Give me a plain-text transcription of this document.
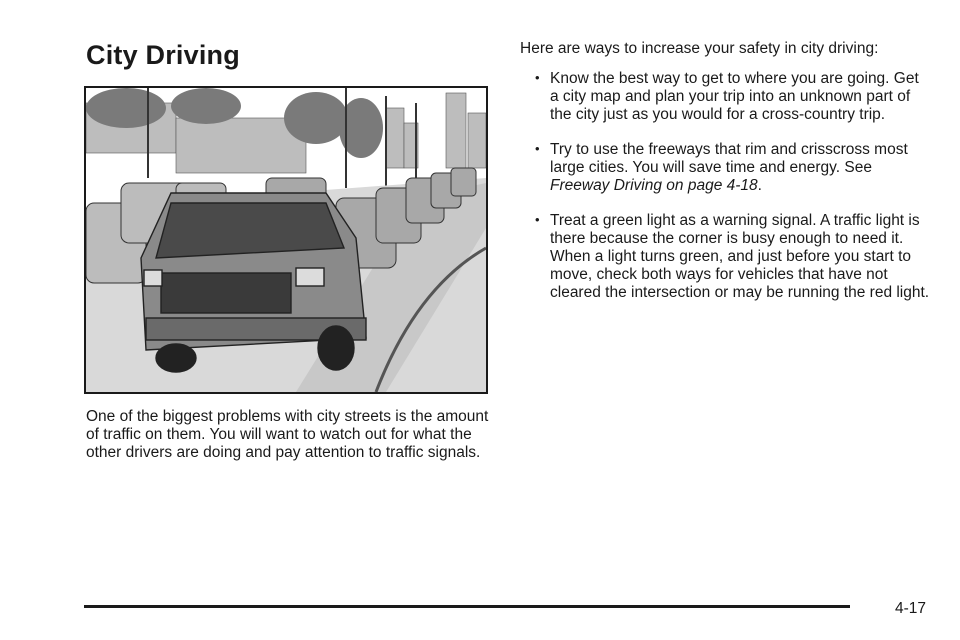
City Driving

One of the biggest problems with city streets is the amount of traffic on them. You will want to watch out for what the other drivers are doing and pay attention to traffic signals.

Here are ways to increase your safety in city driving:

• Know the best way to get to where you are going. Get a city map and plan your trip into an unknown part of the city just as you would for a cross-country trip.
• Try to use the freeways that rim and crisscross most large cities. You will save time and energy. See Freeway Driving on page 4-18.
• Treat a green light as a warning signal. A traffic light is there because the corner is busy enough to need it. When a light turns green, and just before you start to move, check both ways for vehicles that have not cleared the intersection or may be running the red light.
4-17
